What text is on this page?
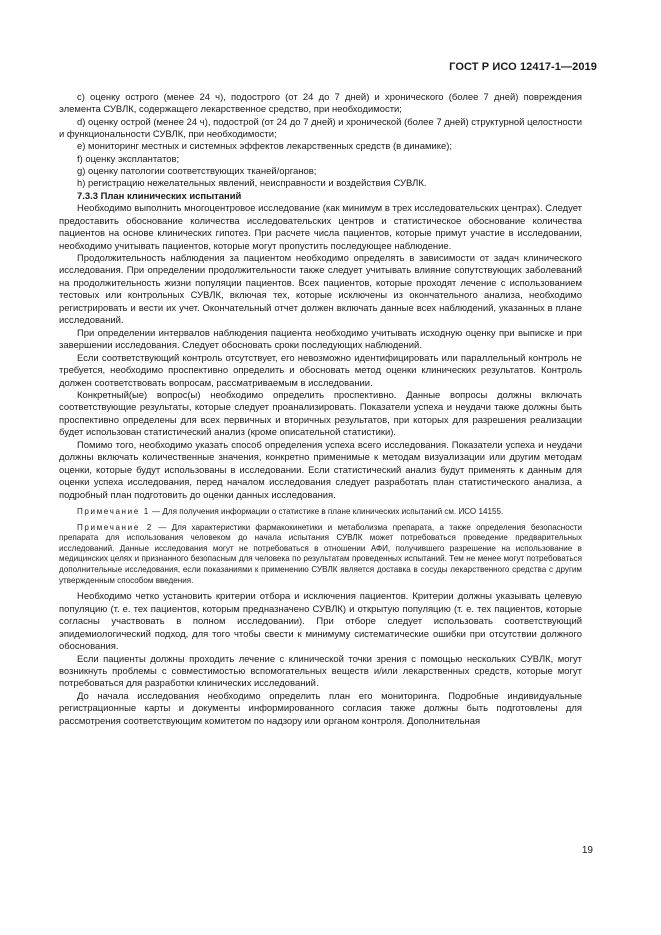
ГОСТ Р ИСО 12417-1—2019

c) оценку острого (менее 24 ч), подострого (от 24 до 7 дней) и хронического (более 7 дней) повреждения элемента СУВЛК, содержащего лекарственное средство, при необходимости;

d) оценку острой (менее 24 ч), подострой (от 24 до 7 дней) и хронической (более 7 дней) структурной целостности и функциональности СУВЛК, при необходимости;

e) мониторинг местных и системных эффектов лекарственных средств (в динамике);

f) оценку эксплантатов;

g) оценку патологии соответствующих тканей/органов;

h) регистрацию нежелательных явлений, неисправности и воздействия СУВЛК.

7.3.3 План клинических испытаний

Необходимо выполнить многоцентровое исследование (как минимум в трех исследовательских центрах). Следует предоставить обоснование количества исследовательских центров и статистическое обоснование количества пациентов на основе клинических гипотез. При расчете числа пациентов, которые примут участие в исследовании, необходимо учитывать пациентов, которые могут пропустить последующее наблюдение.

Продолжительность наблюдения за пациентом необходимо определять в зависимости от задач клинического исследования. При определении продолжительности также следует учитывать влияние сопутствующих заболеваний на продолжительность жизни популяции пациентов. Всех пациентов, которые проходят лечение с использованием тестовых или контрольных СУВЛК, включая тех, которые исключены из окончательного анализа, необходимо регистрировать и вести их учет. Окончательный отчет должен включать данные всех наблюдений, указанных в плане исследований.

При определении интервалов наблюдения пациента необходимо учитывать исходную оценку при выписке и при завершении исследования. Следует обосновать сроки последующих наблюдений.

Если соответствующий контроль отсутствует, его невозможно идентифицировать или параллельный контроль не требуется, необходимо проспективно определить и обосновать метод оценки клинических результатов. Контроль должен соответствовать вопросам, рассматриваемым в исследовании.

Конкретный(ые) вопрос(ы) необходимо определить проспективно. Данные вопросы должны включать соответствующие результаты, которые следует проанализировать. Показатели успеха и неудачи также должны быть проспективно определены для всех первичных и вторичных результатов, при которых для разрешения реализации будет использован статистический анализ (кроме описательной статистики).

Помимо того, необходимо указать способ определения успеха всего исследования. Показатели успеха и неудачи должны включать количественные значения, конкретно применимые к методам визуализации или другим методам оценки, которые будут использованы в исследовании. Если статистический анализ будут применять к данным для оценки успеха исследования, перед началом исследования следует разработать план статистического анализа, а подробный план подготовить до оценки данных исследования.

Примечание 1 — Для получения информации о статистике в плане клинических испытаний см. ИСО 14155.

Примечание 2 — Для характеристики фармакокинетики и метаболизма препарата, а также определения безопасности препарата для использования человеком до начала испытания СУВЛК может потребоваться проведение предварительных исследований. Данные исследования могут не потребоваться в отношении АФИ, получившего разрешение на использование в медицинских целях и признанного безопасным для человека по результатам проведенных испытаний. Тем не менее могут потребоваться дополнительные исследования, если показаниями к применению СУВЛК является доставка в сосуды лекарственного средства с другим утвержденным способом введения.

Необходимо четко установить критерии отбора и исключения пациентов. Критерии должны указывать целевую популяцию (т. е. тех пациентов, которым предназначено СУВЛК) и открытую популяцию (т. е. тех пациентов, которые согласны участвовать в полном исследовании). При отборе следует использовать соответствующий эпидемиологический подход, для того чтобы свести к минимуму систематические ошибки при отсутствии должного обоснования.

Если пациенты должны проходить лечение с клинической точки зрения с помощью нескольких СУВЛК, могут возникнуть проблемы с совместимостью вспомогательных веществ и/или лекарственных средств, которые могут потребоваться для разработки клинических исследований.

До начала исследования необходимо определить план его мониторинга. Подробные индивидуальные регистрационные карты и документы информированного согласия также должны быть подготовлены для рассмотрения соответствующим комитетом по надзору или органом контроля. Дополнительная

19
